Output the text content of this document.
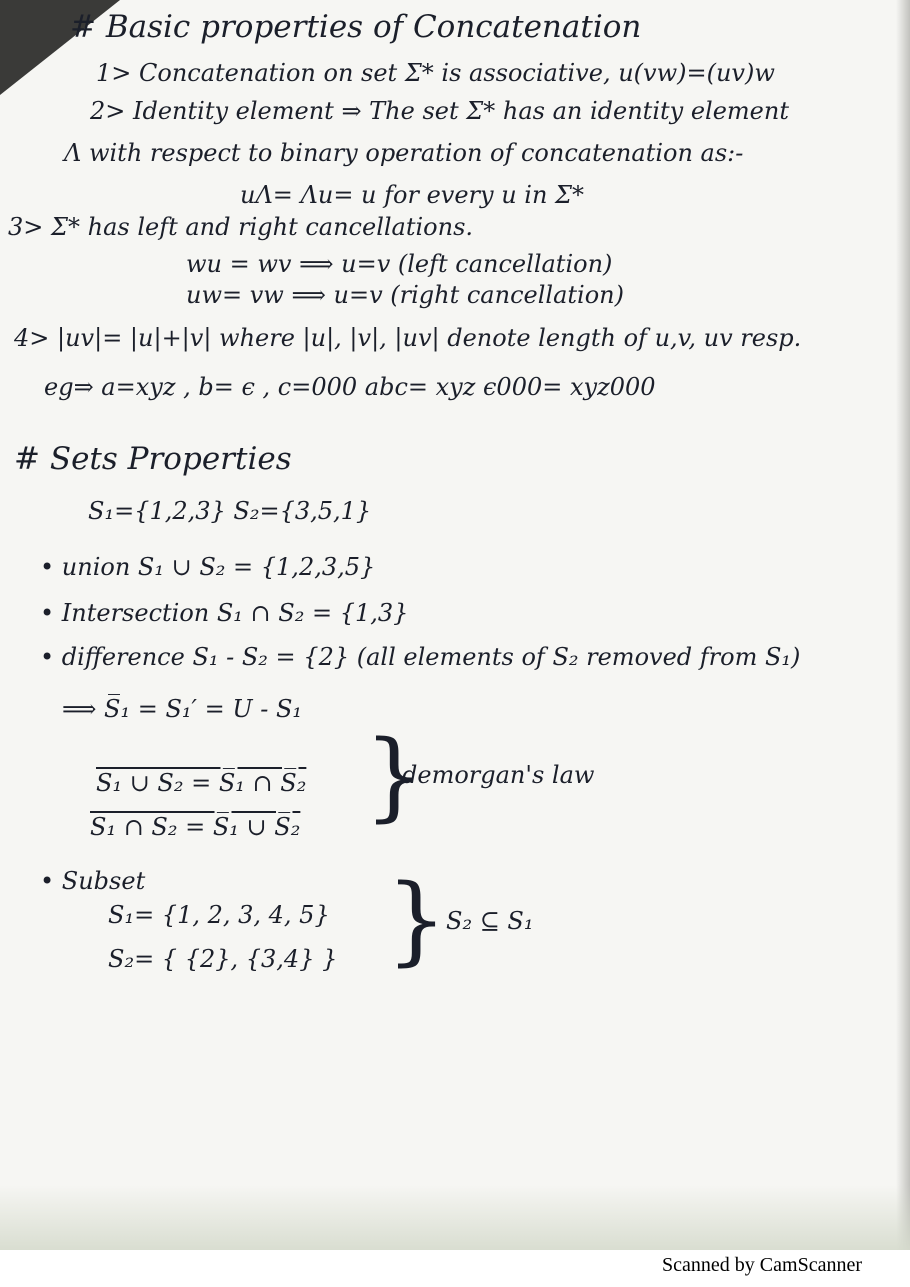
# Basic properties of Concatenation

1> Concatenation on set Σ* is associative, u(vw)=(uv)w

2> Identity element ⇒ The set Σ* has an identity element

Λ with respect to binary operation of concatenation as:-

uΛ= Λu= u for every u in Σ*

3> Σ* has left and right cancellations.

wu = wv ⟹ u=v (left cancellation)

uw= vw ⟹ u=v (right cancellation)

4> |uv|= |u|+|v| where |u|, |v|, |uv| denote length of u,v, uv resp.

eg⇒ a=xyz , b= ϵ , c=000 abc= xyz ϵ000= xyz000

# Sets Properties

S₁={1,2,3} S₂={3,5,1}

• union S₁ ∪ S₂ = {1,2,3,5}

• Intersection S₁ ∩ S₂ = {1,3}

• difference S₁ - S₂ = {2} (all elements of S₂ removed from S₁)

⟹ S̅₁ = S₁′ = U - S₁

S₁ ∪ S₂ = S̅₁ ∩ S̅₂

S₁ ∩ S₂ = S̅₁ ∪ S̅₂ }

demorgan's law

• Subset

S₁= {1, 2, 3, 4, 5}

S₂= { {2}, {3,4} } }

S₂ ⊆ S₁

Scanned by CamScanner
